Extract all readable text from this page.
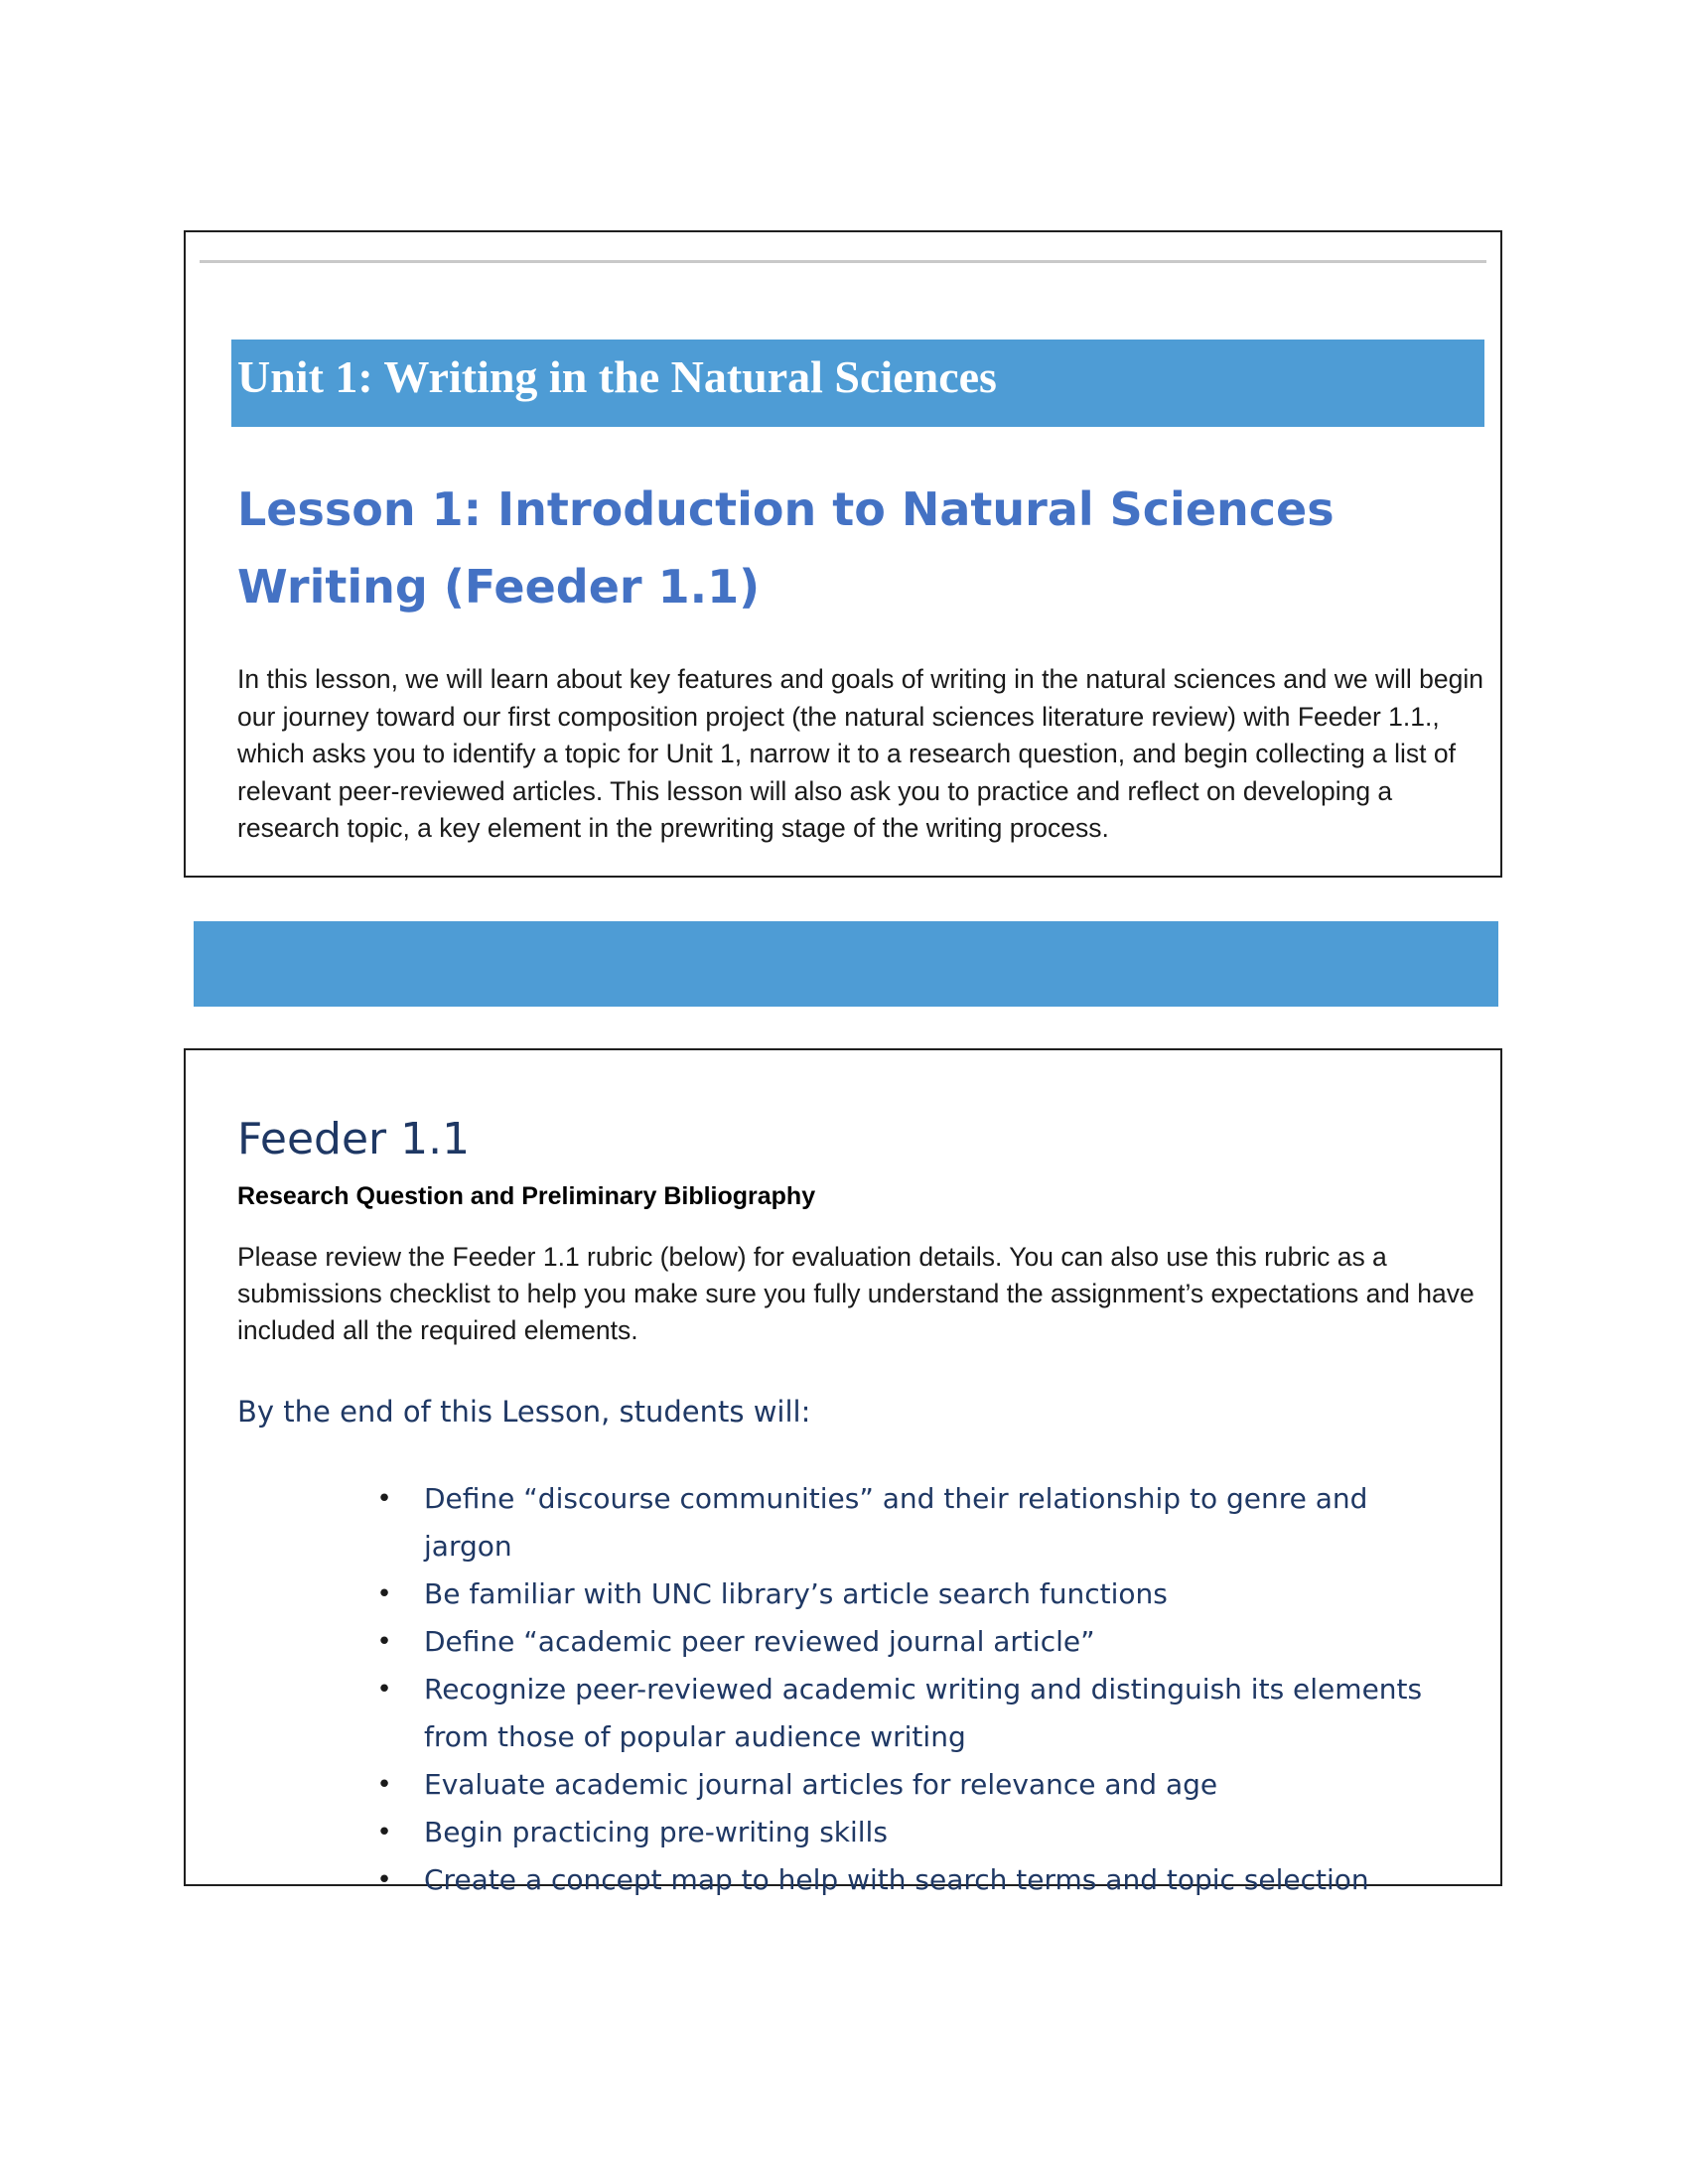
Unit 1: Writing in the Natural Sciences
Lesson 1: Introduction to Natural Sciences Writing (Feeder 1.1)

In this lesson, we will learn about key features and goals of writing in the natural sciences and we will begin our journey toward our first composition project (the natural sciences literature review) with Feeder 1.1., which asks you to identify a topic for Unit 1, narrow it to a research question, and begin collecting a list of relevant peer-reviewed articles. This lesson will also ask you to practice and reflect on developing a research topic, a key element in the prewriting stage of the writing process.

Feeder 1.1

Research Question and Preliminary Bibliography

Please review the Feeder 1.1 rubric (below) for evaluation details. You can also use this rubric as a submissions checklist to help you make sure you fully understand the assignment’s expectations and have included all the required elements.

By the end of this Lesson, students will:
• Define “discourse communities” and their relationship to genre and jargon
• Be familiar with UNC library’s article search functions
• Define “academic peer reviewed journal article”
• Recognize peer-reviewed academic writing and distinguish its elements from those of popular audience writing
• Evaluate academic journal articles for relevance and age
• Begin practicing pre-writing skills
• Create a concept map to help with search terms and topic selection
